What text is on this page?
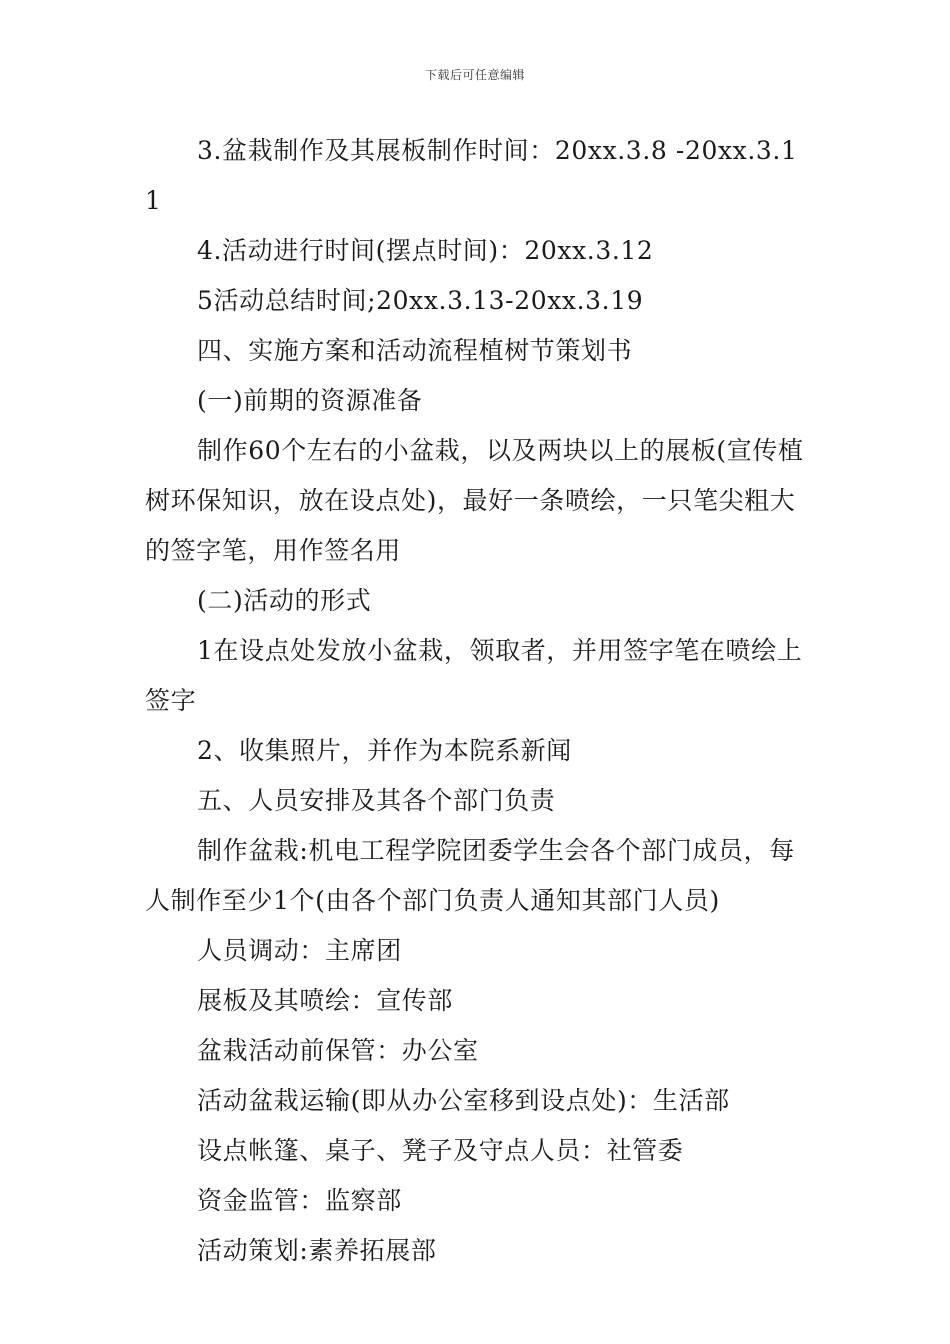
下载后可任意编辑

3.盆栽制作及其展板制作时间：20xx.3.8 -20xx.3.11

4.活动进行时间(摆点时间)：20xx.3.12

5活动总结时间;20xx.3.13-20xx.3.19

四、实施方案和活动流程植树节策划书

(一)前期的资源准备

制作60个左右的小盆栽，以及两块以上的展板(宣传植树环保知识，放在设点处)，最好一条喷绘，一只笔尖粗大的签字笔，用作签名用

(二)活动的形式

1在设点处发放小盆栽，领取者，并用签字笔在喷绘上签字

2、收集照片，并作为本院系新闻

五、人员安排及其各个部门负责

制作盆栽:机电工程学院团委学生会各个部门成员，每人制作至少1个(由各个部门负责人通知其部门人员)

人员调动：主席团

展板及其喷绘：宣传部

盆栽活动前保管：办公室

活动盆栽运输(即从办公室移到设点处)：生活部

设点帐篷、桌子、凳子及守点人员：社管委

资金监管：监察部

活动策划:素养拓展部
